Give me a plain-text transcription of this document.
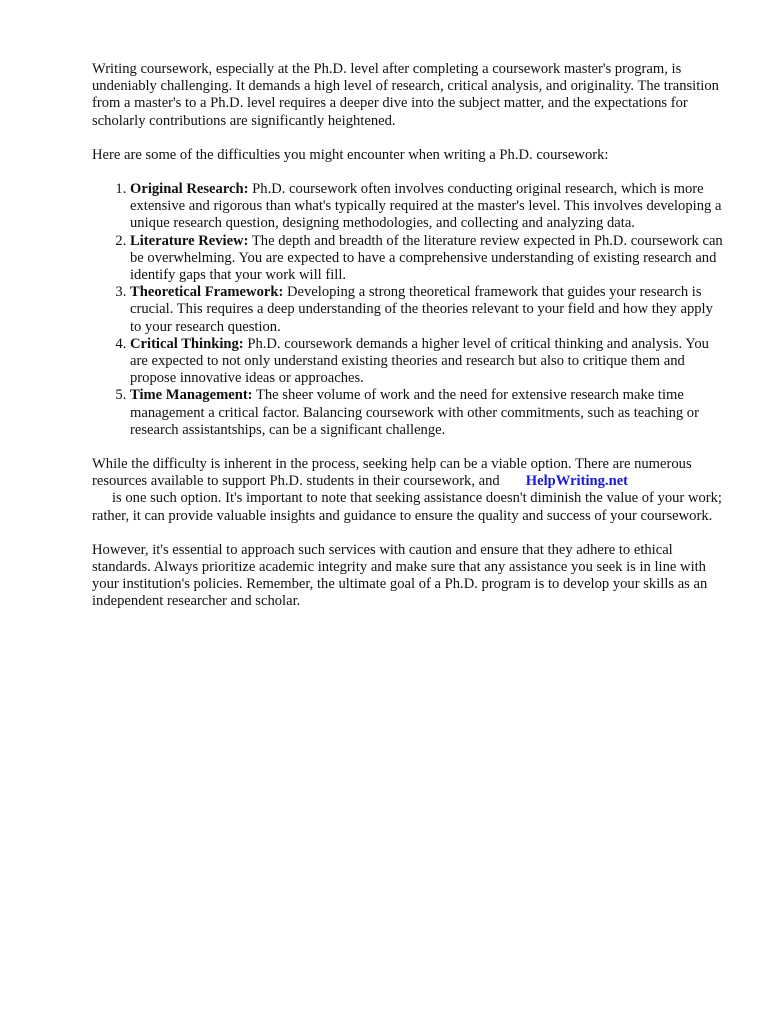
Writing coursework, especially at the Ph.D. level after completing a coursework master's program, is undeniably challenging. It demands a high level of research, critical analysis, and originality. The transition from a master's to a Ph.D. level requires a deeper dive into the subject matter, and the expectations for scholarly contributions are significantly heightened.

Here are some of the difficulties you might encounter when writing a Ph.D. coursework:

1. Original Research: Ph.D. coursework often involves conducting original research, which is more extensive and rigorous than what's typically required at the master's level. This involves developing a unique research question, designing methodologies, and collecting and analyzing data.
2. Literature Review: The depth and breadth of the literature review expected in Ph.D. coursework can be overwhelming. You are expected to have a comprehensive understanding of existing research and identify gaps that your work will fill.
3. Theoretical Framework: Developing a strong theoretical framework that guides your research is crucial. This requires a deep understanding of the theories relevant to your field and how they apply to your research question.
4. Critical Thinking: Ph.D. coursework demands a higher level of critical thinking and analysis. You are expected to not only understand existing theories and research but also to critique them and propose innovative ideas or approaches.
5. Time Management: The sheer volume of work and the need for extensive research make time management a critical factor. Balancing coursework with other commitments, such as teaching or research assistantships, can be a significant challenge.

While the difficulty is inherent in the process, seeking help can be a viable option. There are numerous resources available to support Ph.D. students in their coursework, and HelpWriting.net
is one such option. It's important to note that seeking assistance doesn't diminish the value of your work; rather, it can provide valuable insights and guidance to ensure the quality and success of your coursework.

However, it's essential to approach such services with caution and ensure that they adhere to ethical standards. Always prioritize academic integrity and make sure that any assistance you seek is in line with your institution's policies. Remember, the ultimate goal of a Ph.D. program is to develop your skills as an independent researcher and scholar.
